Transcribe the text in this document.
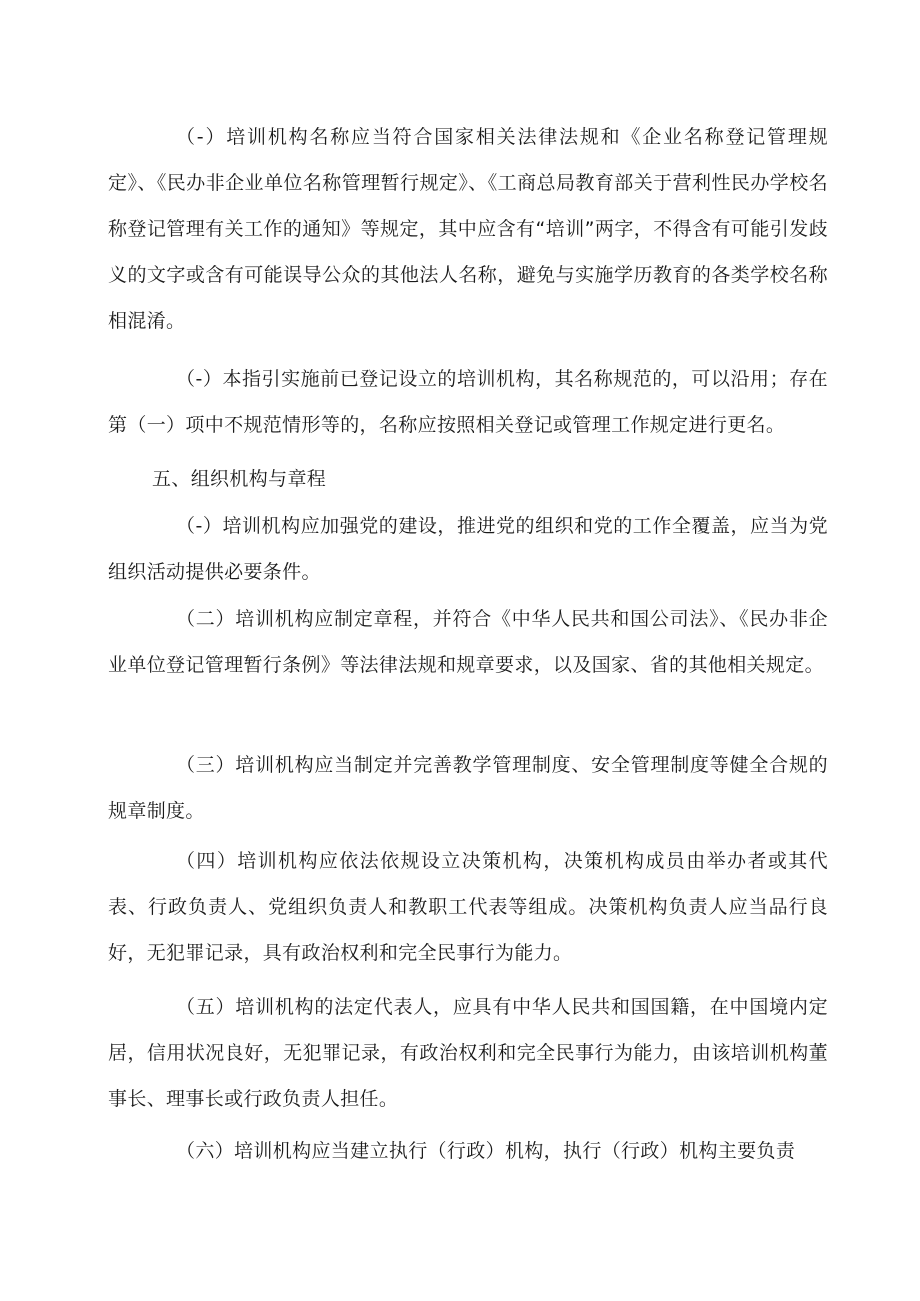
（-）培训机构名称应当符合国家相关法律法规和《企业名称登记管理规定》、《民办非企业单位名称管理暂行规定》、《工商总局教育部关于营利性民办学校名称登记管理有关工作的通知》等规定，其中应含有“培训”两字，不得含有可能引发歧义的文字或含有可能误导公众的其他法人名称，避免与实施学历教育的各类学校名称相混淆。

（-）本指引实施前已登记设立的培训机构，其名称规范的，可以沿用；存在第（一）项中不规范情形等的，名称应按照相关登记或管理工作规定进行更名。

五、组织机构与章程

（-）培训机构应加强党的建设，推进党的组织和党的工作全覆盖，应当为党组织活动提供必要条件。

（二）培训机构应制定章程，并符合《中华人民共和国公司法》、《民办非企业单位登记管理暂行条例》等法律法规和规章要求，以及国家、省的其他相关规定。

（三）培训机构应当制定并完善教学管理制度、安全管理制度等健全合规的规章制度。

（四）培训机构应依法依规设立决策机构，决策机构成员由举办者或其代表、行政负责人、党组织负责人和教职工代表等组成。决策机构负责人应当品行良好，无犯罪记录，具有政治权利和完全民事行为能力。

（五）培训机构的法定代表人，应具有中华人民共和国国籍，在中国境内定居，信用状况良好，无犯罪记录，有政治权利和完全民事行为能力，由该培训机构董事长、理事长或行政负责人担任。

（六）培训机构应当建立执行（行政）机构，执行（行政）机构主要负责
